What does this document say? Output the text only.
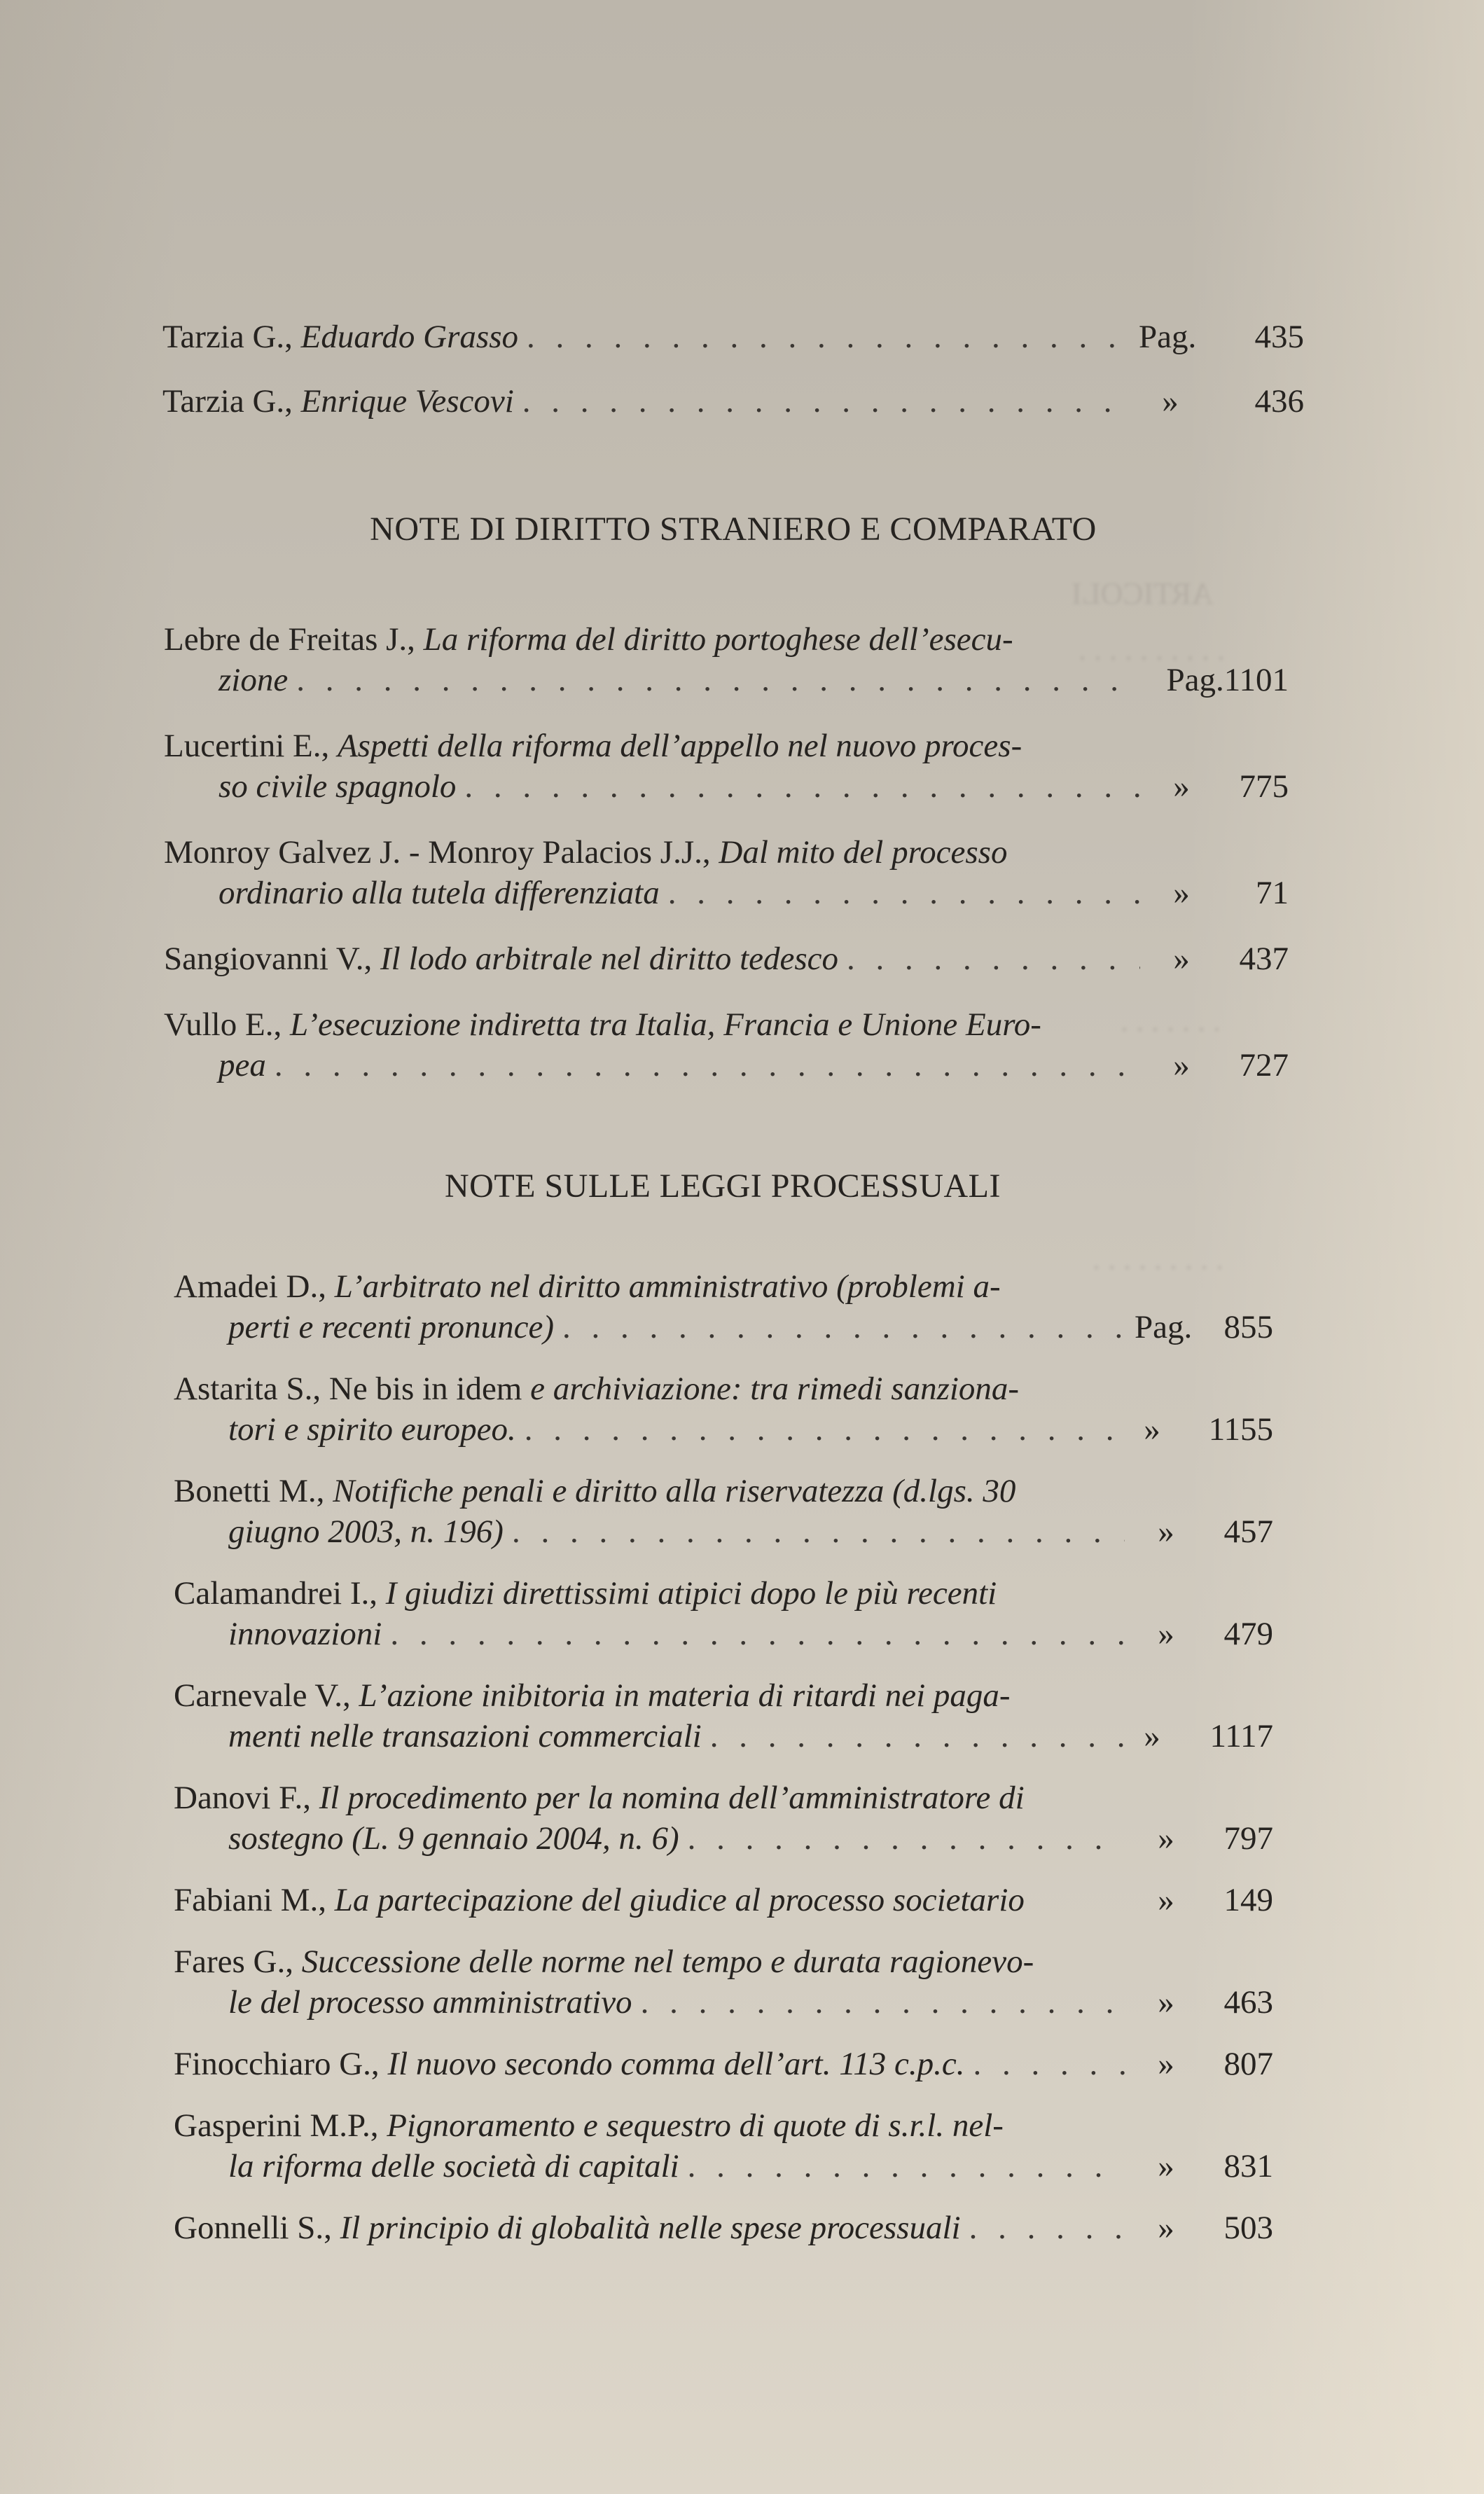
ARTICOLI
. . . . . . . . . .
. . . . . . .
. . . . . . . . .
Tarzia G., Eduardo Grasso . . .	Pag. 435
Tarzia G., Enrique Vescovi . . .	»	436
NOTE DI DIRITTO STRANIERO E COMPARATO
Lebre de Freitas J., La riforma del diritto portoghese dell’esecu-
zione . . .	Pag. 1101
Lucertini E., Aspetti della riforma dell’appello nel nuovo proces-
so civile spagnolo . . .	»	775
Monroy Galvez J. - Monroy Palacios J.J., Dal mito del processo
ordinario alla tutela differenziata . . .	»	71
Sangiovanni V., Il lodo arbitrale nel diritto tedesco . . .	»	437
Vullo E., L’esecuzione indiretta tra Italia, Francia e Unione Euro-
pea . . .	»	727
NOTE SULLE LEGGI PROCESSUALI
Amadei D., L’arbitrato nel diritto amministrativo (problemi a-
perti e recenti pronunce) . . .	Pag. 855
Astarita S., Ne bis in idem e archiviazione: tra rimedi sanziona-
tori e spirito europeo. . . .	» 1155
Bonetti M., Notifiche penali e diritto alla riservatezza (d.lgs. 30
giugno 2003, n. 196) . . .	»	457
Calamandrei I., I giudizi direttissimi atipici dopo le più recenti
innovazioni . . .	»	479
Carnevale V., L’azione inibitoria in materia di ritardi nei paga-
menti nelle transazioni commerciali . . .	» 1117
Danovi F., Il procedimento per la nomina dell’amministratore di
sostegno (L. 9 gennaio 2004, n. 6) . . .	»	797
Fabiani M., La partecipazione del giudice al processo societario	»	149
Fares G., Successione delle norme nel tempo e durata ragionevo-
le del processo amministrativo . . .	»	463
Finocchiaro G., Il nuovo secondo comma dell’art. 113 c.p.c. . . .	»	807
Gasperini M.P., Pignoramento e sequestro di quote di s.r.l. nel-
la riforma delle società di capitali . . .	»	831
Gonnelli S., Il principio di globalità nelle spese processuali . . .	»	503
